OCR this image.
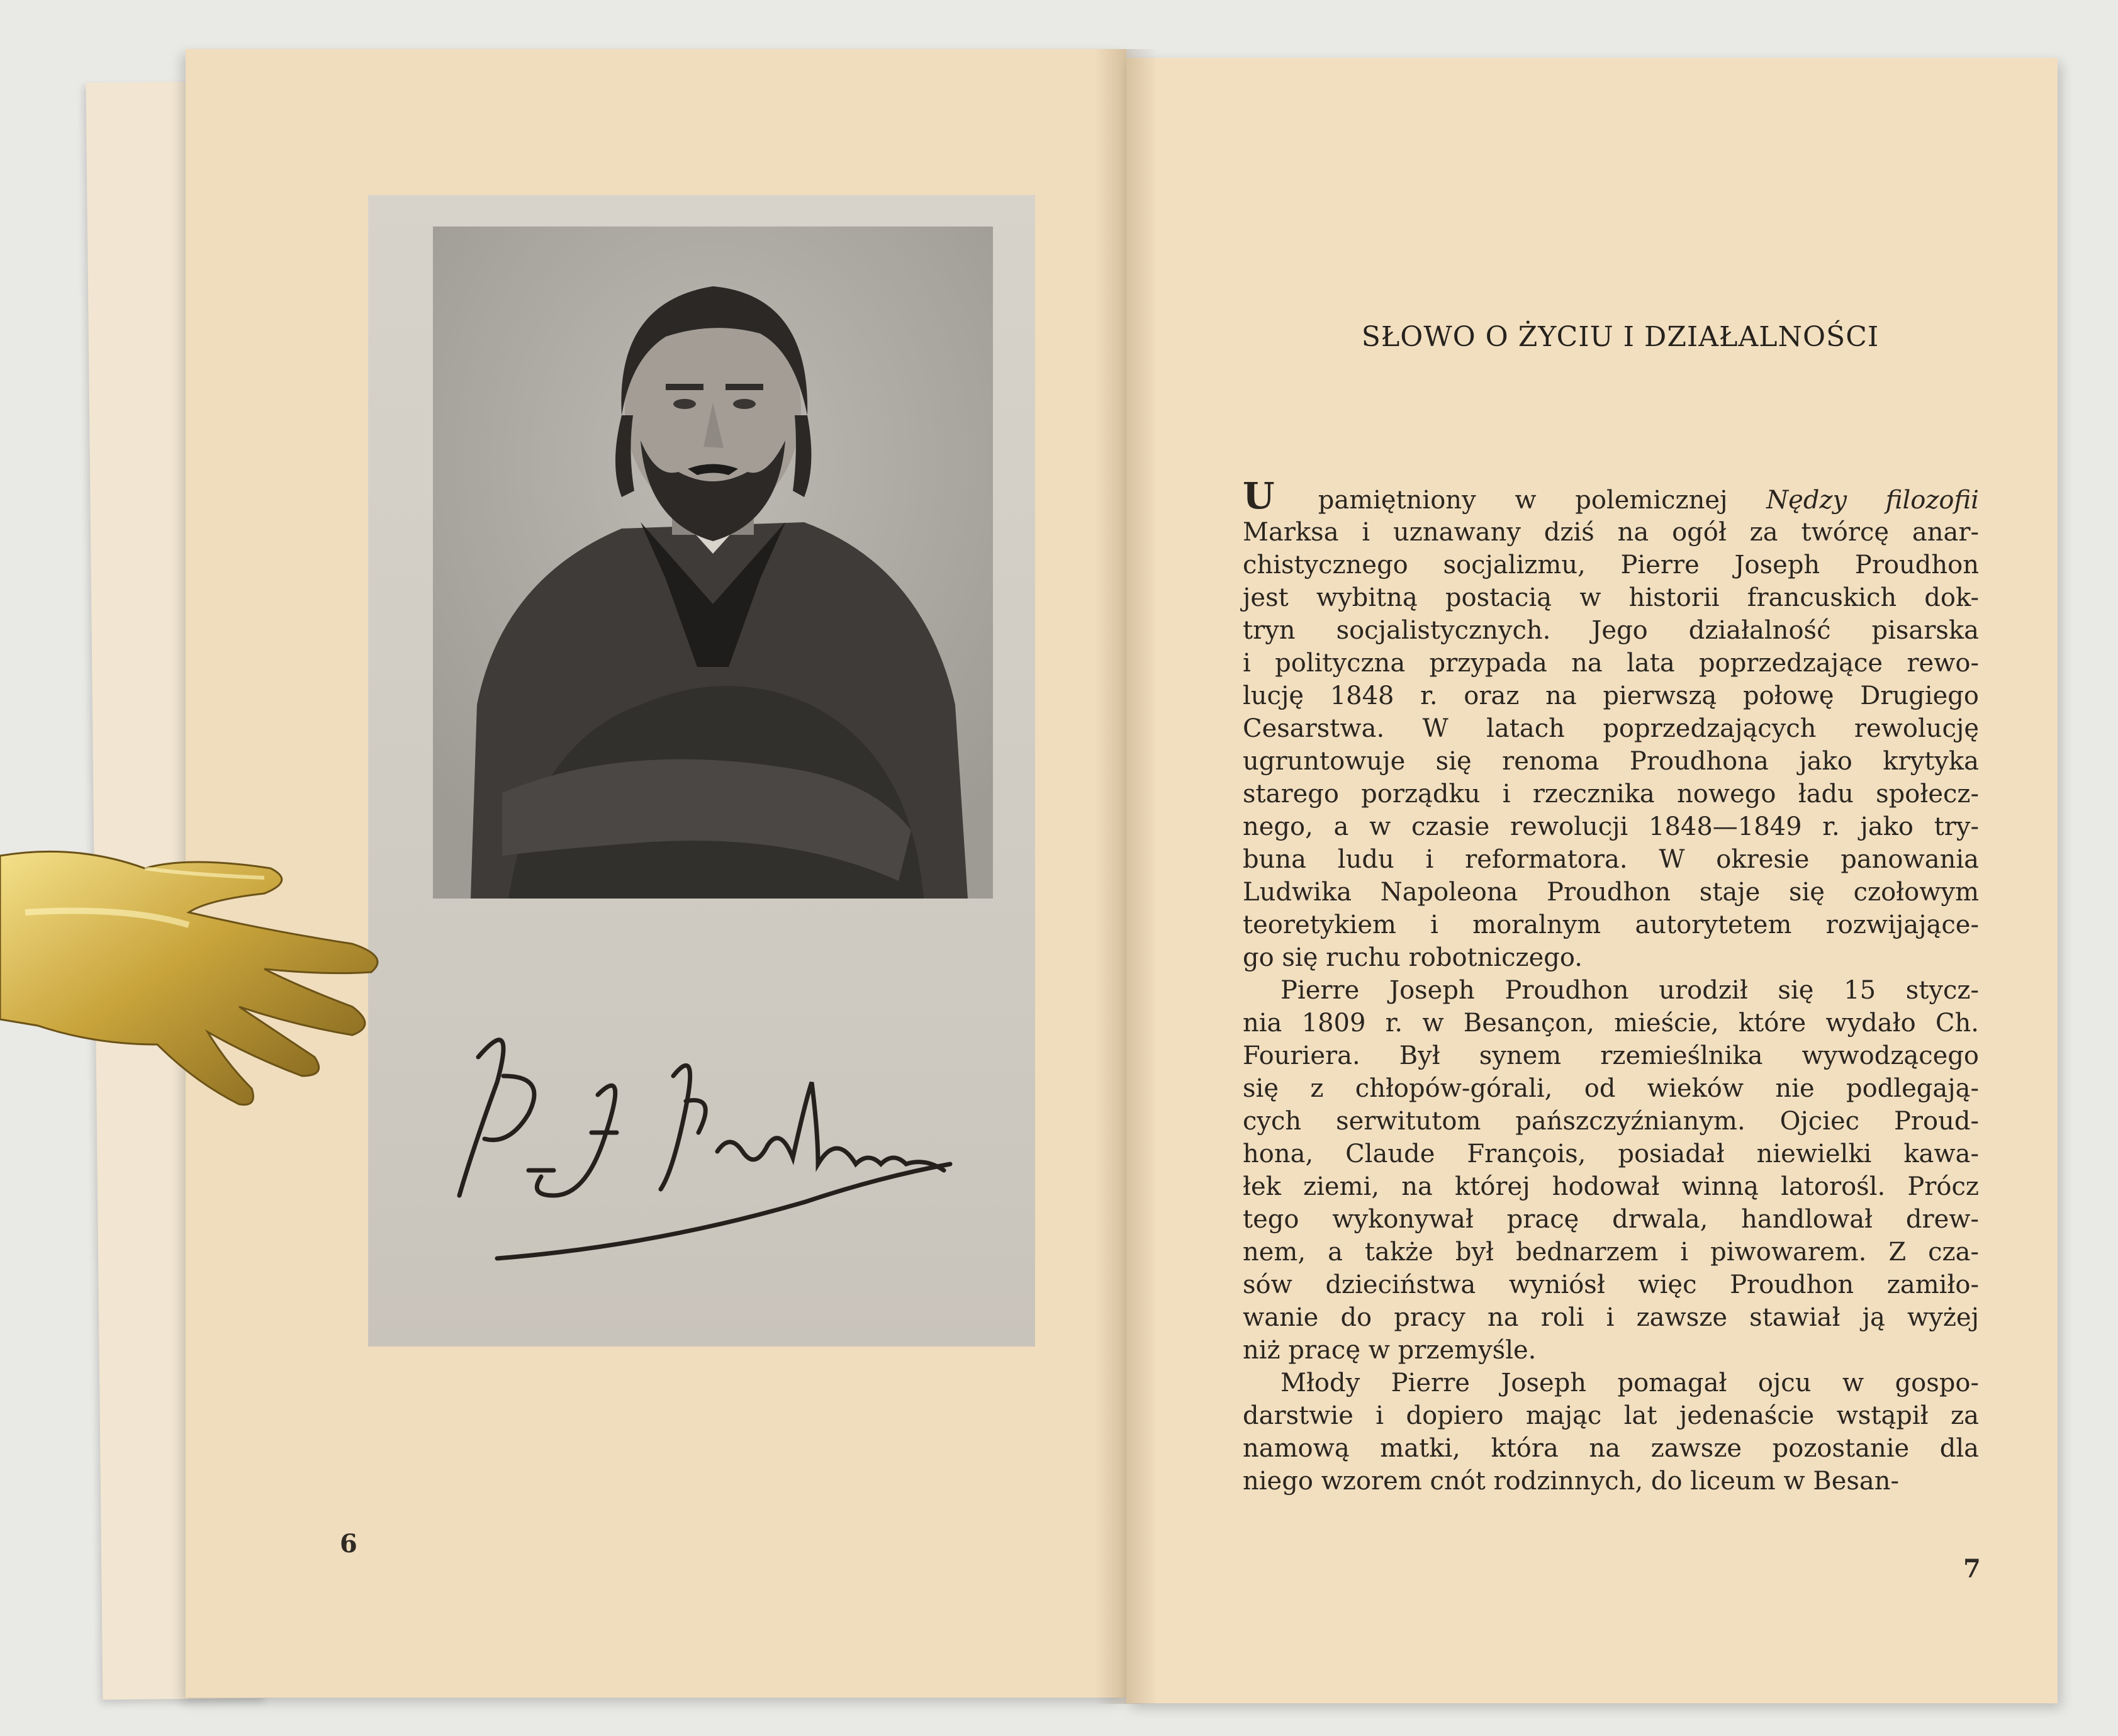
P.-J. Proudhon
6
7
SŁOWO O ŻYCIU I DZIAŁALNOŚCI
U pamiętniony w polemicznej Nędzy filozofii
Marksa i uznawany dziś na ogół za twórcę anar-
chistycznego socjalizmu, Pierre Joseph Proudhon
jest wybitną postacią w historii francuskich dok-
tryn socjalistycznych. Jego działalność pisarska
i polityczna przypada na lata poprzedzające rewo-
lucję 1848 r. oraz na pierwszą połowę Drugiego
Cesarstwa. W latach poprzedzających rewolucję
ugruntowuje się renoma Proudhona jako krytyka
starego porządku i rzecznika nowego ładu społecz-
nego, a w czasie rewolucji 1848—1849 r. jako try-
buna ludu i reformatora. W okresie panowania
Ludwika Napoleona Proudhon staje się czołowym
teoretykiem i moralnym autorytetem rozwijające-
go się ruchu robotniczego.
Pierre Joseph Proudhon urodził się 15 stycz-
nia 1809 r. w Besançon, mieście, które wydało Ch.
Fouriera. Był synem rzemieślnika wywodzącego
się z chłopów-górali, od wieków nie podlegają-
cych serwitutom pańszczyźnianym. Ojciec Proud-
hona, Claude François, posiadał niewielki kawa-
łek ziemi, na której hodował winną latorośl. Prócz
tego wykonywał pracę drwala, handlował drew-
nem, a także był bednarzem i piwowarem. Z cza-
sów dzieciństwa wyniósł więc Proudhon zamiło-
wanie do pracy na roli i zawsze stawiał ją wyżej
niż pracę w przemyśle.
Młody Pierre Joseph pomagał ojcu w gospo-
darstwie i dopiero mając lat jedenaście wstąpił za
namową matki, która na zawsze pozostanie dla
niego wzorem cnót rodzinnych, do liceum w Besan-
